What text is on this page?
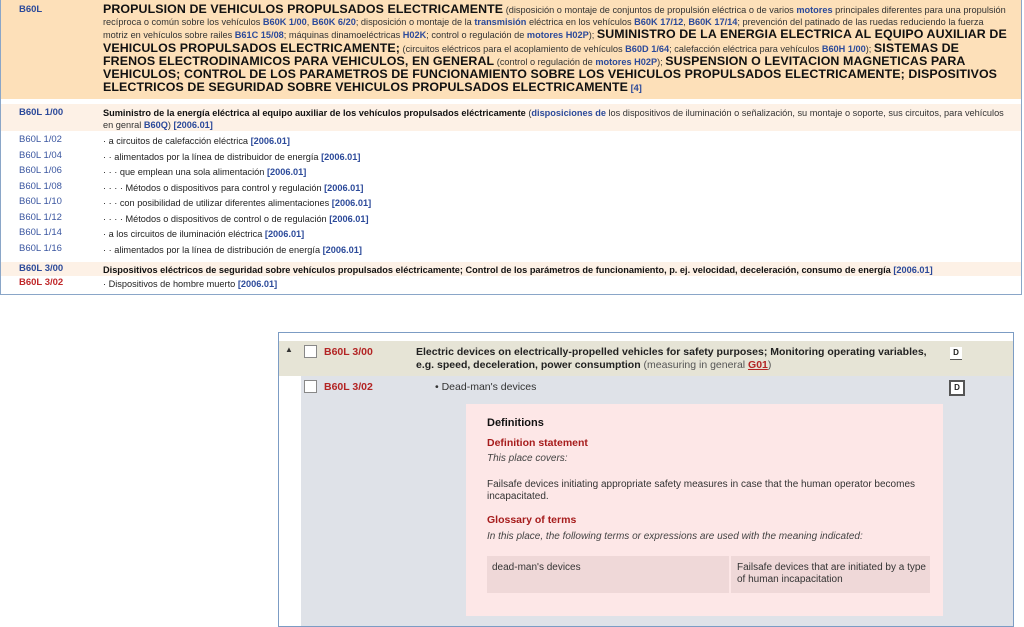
B60L	PROPULSION DE VEHICULOS PROPULSADOS ELECTRICAMENTE (disposición o montaje de conjuntos de propulsión eléctrica o de varios motores principales diferentes para una propulsión recíproca o común sobre los vehículos B60K 1/00, B60K 6/20; disposición o montaje de la transmisión eléctrica en los vehículos B60K 17/12, B60K 17/14; prevención del patinado de las ruedas reduciendo la fuerza motriz en vehículos sobre railes B61C 15/08; máquinas dinamoeléctricas H02K; control o regulación de motores H02P); SUMINISTRO DE LA ENERGIA ELECTRICA AL EQUIPO AUXILIAR DE VEHICULOS PROPULSADOS ELECTRICAMENTE; (circuitos eléctricos para el acoplamiento de vehículos B60D 1/64; calefacción eléctrica para vehículos B60H 1/00); SISTEMAS DE FRENOS ELECTRODINAMICOS PARA VEHICULOS, EN GENERAL (control o regulación de motores H02P); SUSPENSION O LEVITACION MAGNETICAS PARA VEHICULOS; CONTROL DE LOS PARAMETROS DE FUNCIONAMIENTO SOBRE LOS VEHICULOS PROPULSADOS ELECTRICAMENTE; DISPOSITIVOS ELECTRICOS DE SEGURIDAD SOBRE VEHICULOS PROPULSADOS ELECTRICAMENTE [4]
B60L 1/00	Suministro de la energía eléctrica al equipo auxiliar de los vehículos propulsados eléctricamente (disposiciones de los dispositivos de iluminación o señalización, su montaje o soporte, sus circuitos, para vehículos en genral B60Q) [2006.01]
B60L 1/02	· a circuitos de calefacción eléctrica [2006.01]
B60L 1/04	· · alimentados por la línea de distribuidor de energía [2006.01]
B60L 1/06	· · · que emplean una sola alimentación [2006.01]
B60L 1/08	· · · · Métodos o dispositivos para control y regulación [2006.01]
B60L 1/10	· · · con posibilidad de utilizar diferentes alimentaciones [2006.01]
B60L 1/12	· · · · Métodos o dispositivos de control o de regulación [2006.01]
B60L 1/14	· a los circuitos de iluminación eléctrica [2006.01]
B60L 1/16	· · alimentados por la línea de distribución de energía [2006.01]
B60L 3/00	Dispositivos eléctricos de seguridad sobre vehículos propulsados eléctricamente; Control de los parámetros de funcionamiento, p. ej. velocidad, deceleración, consumo de energía [2006.01]
B60L 3/02	· Dispositivos de hombre muerto [2006.01]
▲	B60L 3/00	Electric devices on electrically-propelled vehicles for safety purposes; Monitoring operating variables, e.g. speed, deceleration, power consumption (measuring in general G01)
D
B60L 3/02	• Dead-man's devices	D
Definitions
Definition statement
This place covers:
Failsafe devices initiating appropriate safety measures in case that the human operator becomes incapacitated.
Glossary of terms
In this place, the following terms or expressions are used with the meaning indicated:
dead-man's devices	Failsafe devices that are initiated by a type of human incapacitation
